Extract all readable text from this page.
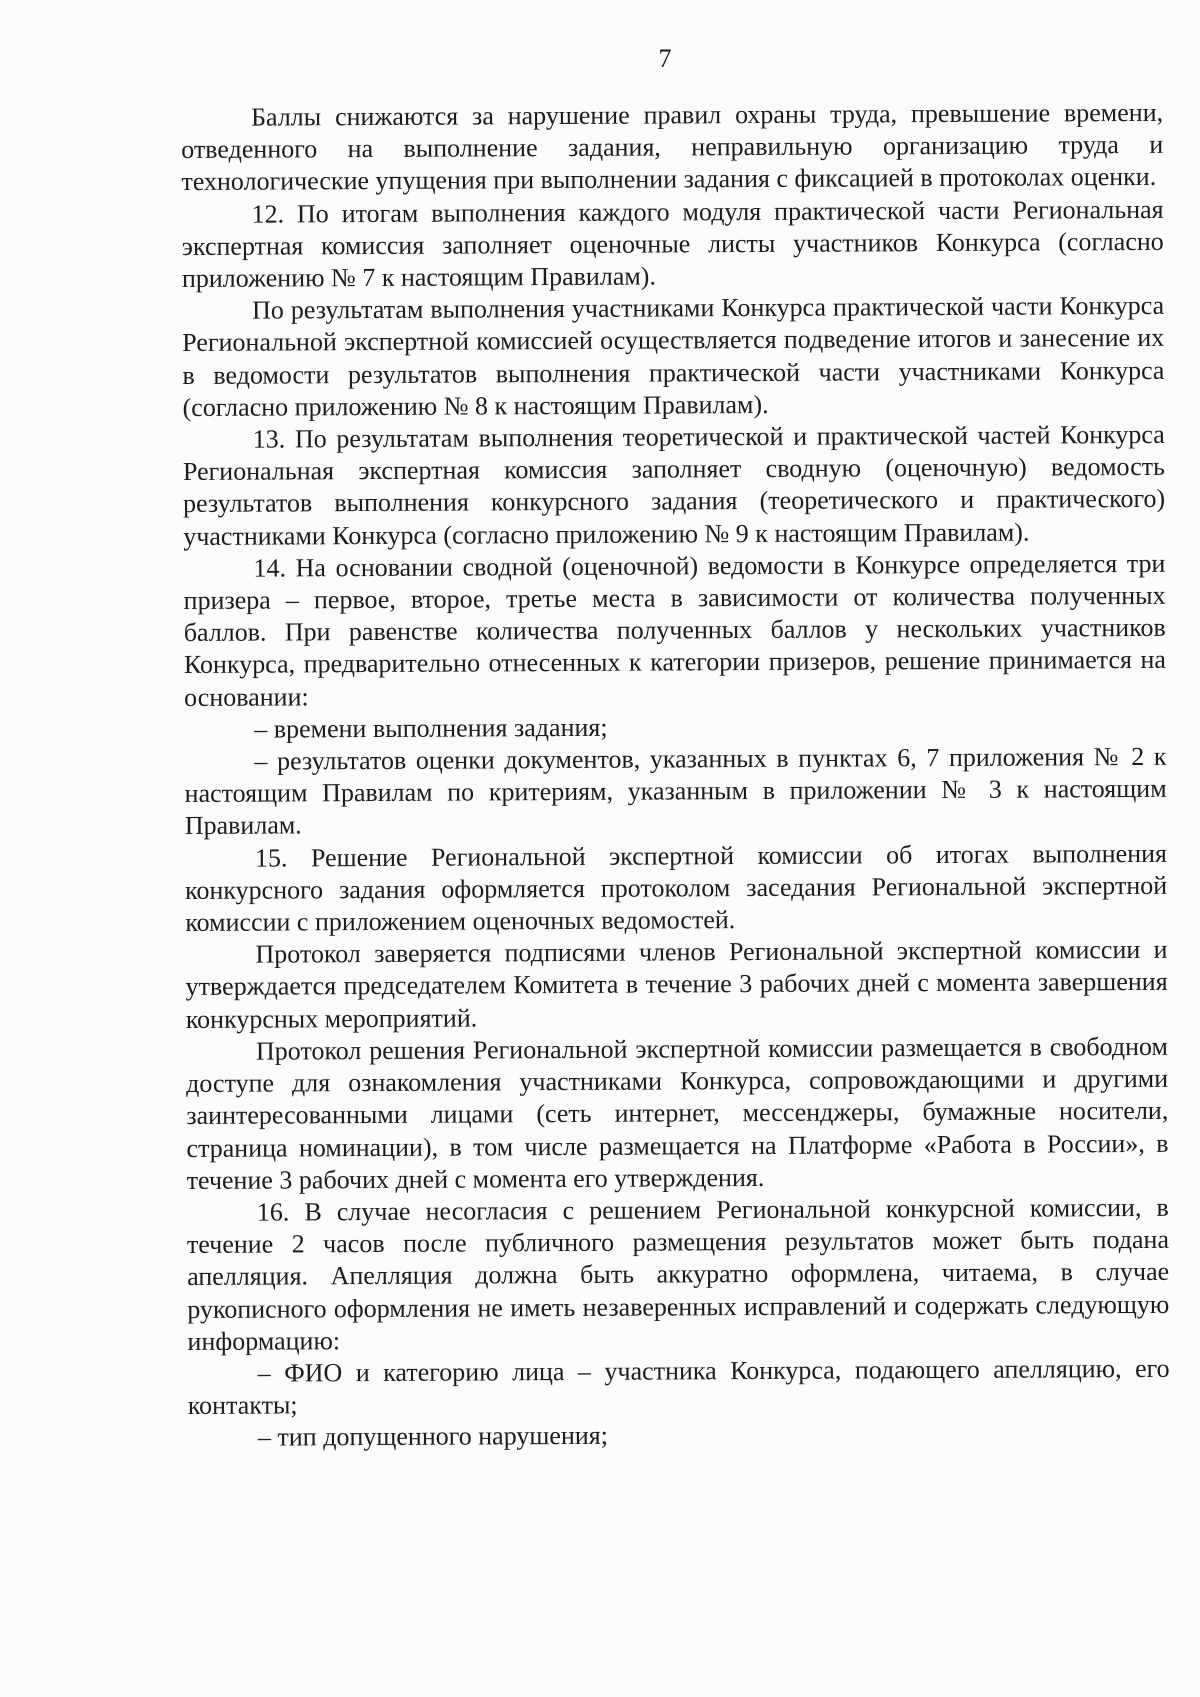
7

Баллы снижаются за нарушение правил охраны труда, превышение времени, отведенного на выполнение задания, неправильную организацию труда и технологические упущения при выполнении задания с фиксацией в протоколах оценки.

12. По итогам выполнения каждого модуля практической части Региональная экспертная комиссия заполняет оценочные листы участников Конкурса (согласно приложению № 7 к настоящим Правилам).

По результатам выполнения участниками Конкурса практической части Конкурса Региональной экспертной комиссией осуществляется подведение итогов и занесение их в ведомости результатов выполнения практической части участниками Конкурса (согласно приложению № 8 к настоящим Правилам).

13. По результатам выполнения теоретической и практической частей Конкурса Региональная экспертная комиссия заполняет сводную (оценочную) ведомость результатов выполнения конкурсного задания (теоретического и практического) участниками Конкурса (согласно приложению № 9 к настоящим Правилам).

14. На основании сводной (оценочной) ведомости в Конкурсе определяется три призера – первое, второе, третье места в зависимости от количества полученных баллов. При равенстве количества полученных баллов у нескольких участников Конкурса, предварительно отнесенных к категории призеров, решение принимается на основании:

– времени выполнения задания;

– результатов оценки документов, указанных в пунктах 6, 7 приложения № 2 к настоящим Правилам по критериям, указанным в приложении № 3 к настоящим Правилам.

15. Решение Региональной экспертной комиссии об итогах выполнения конкурсного задания оформляется протоколом заседания Региональной экспертной комиссии с приложением оценочных ведомостей.

Протокол заверяется подписями членов Региональной экспертной комиссии и утверждается председателем Комитета в течение 3 рабочих дней с момента завершения конкурсных мероприятий.

Протокол решения Региональной экспертной комиссии размещается в свободном доступе для ознакомления участниками Конкурса, сопровождающими и другими заинтересованными лицами (сеть интернет, мессенджеры, бумажные носители, страница номинации), в том числе размещается на Платформе «Работа в России», в течение 3 рабочих дней с момента его утверждения.

16. В случае несогласия с решением Региональной конкурсной комиссии, в течение 2 часов после публичного размещения результатов может быть подана апелляция. Апелляция должна быть аккуратно оформлена, читаема, в случае рукописного оформления не иметь незаверенных исправлений и содержать следующую информацию:

– ФИО и категорию лица – участника Конкурса, подающего апелляцию, его контакты;

– тип допущенного нарушения;
